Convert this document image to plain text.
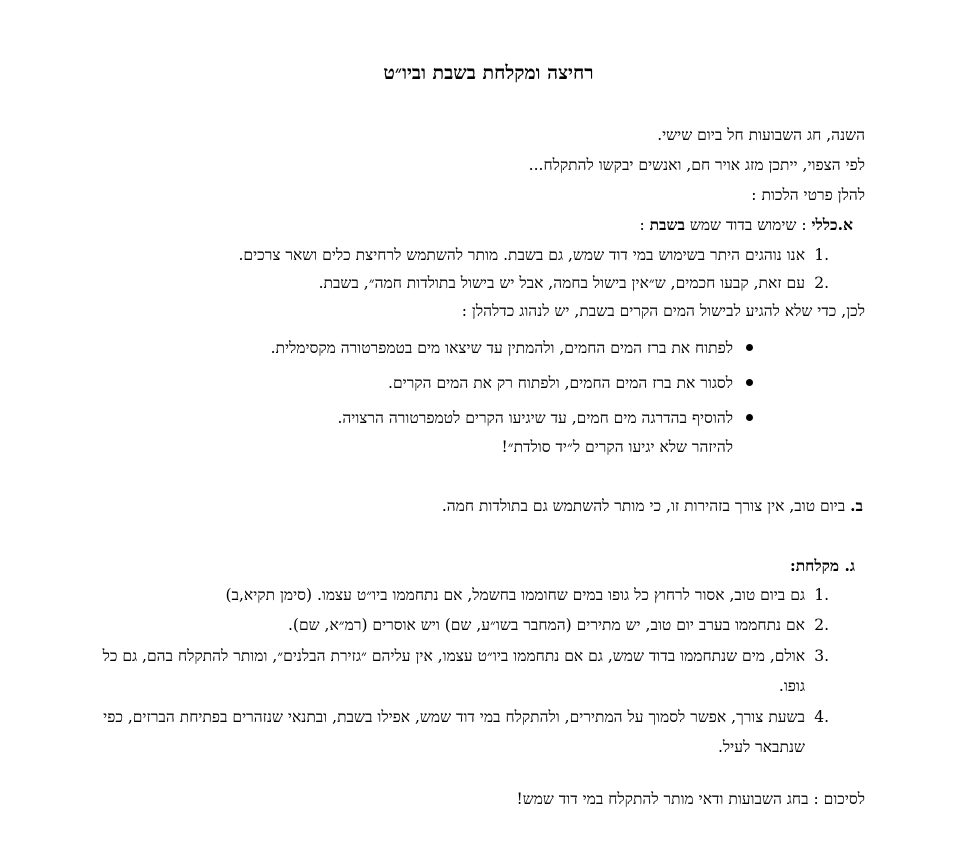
רחיצה ומקלחת בשבת וביו״ט

השנה, חג השבועות חל ביום שישי.

לפי הצפוי, ייתכן מזג אויר חם, ואנשים יבקשו להתקלח...

להלן פרטי הלכות :

א.כללי : שימוש בדוד שמש בשבת :
1.
אנו נוהגים היתר בשימוש במי דוד שמש, גם בשבת. מותר להשתמש לרחיצת כלים ושאר צרכים.
2.
עם זאת, קבעו חכמים, ש״אין בישול בחמה, אבל יש בישול בתולדות חמה״, בשבת.

לכן, כדי שלא להגיע לבישול המים הקרים בשבת, יש לנהוג כדלהלן :

לפתוח את ברז המים החמים, ולהמתין עד שיצאו מים בטמפרטורה מקסימלית.
לסגור את ברז המים החמים, ולפתוח רק את המים הקרים.
להוסיף בהדרגה מים חמים, עד שיגיעו הקרים לטמפרטורה הרצויה.
להיזהר שלא יגיעו הקרים ל״יד סולדת״!

ב. ביום טוב, אין צורך בזהירות זו, כי מותר להשתמש גם בתולדות חמה.

ג. מקלחת:

1.
גם ביום טוב, אסור לרחוץ כל גופו במים שחוממו בחשמל, אם נתחממו ביו״ט עצמו. (סימן תקיא,ב)
2.
אם נתחממו בערב יום טוב, יש מתירים (המחבר בשו״ע, שם) ויש אוסרים (רמ״א, שם).
3.
אולם, מים שנתחממו בדוד שמש, גם אם נתחממו ביו״ט עצמו, אין עליהם ״גזירת הבלנים״, ומותר להתקלח בהם, גם כל גופו.
4.
בשעת צורך, אפשר לסמוך על המתירים, ולהתקלח במי דוד שמש, אפילו בשבת, ובתנאי שנזהרים בפתיחת הברזים, כפי שנתבאר לעיל.

לסיכום : בחג השבועות ודאי מותר להתקלח במי דוד שמש!
